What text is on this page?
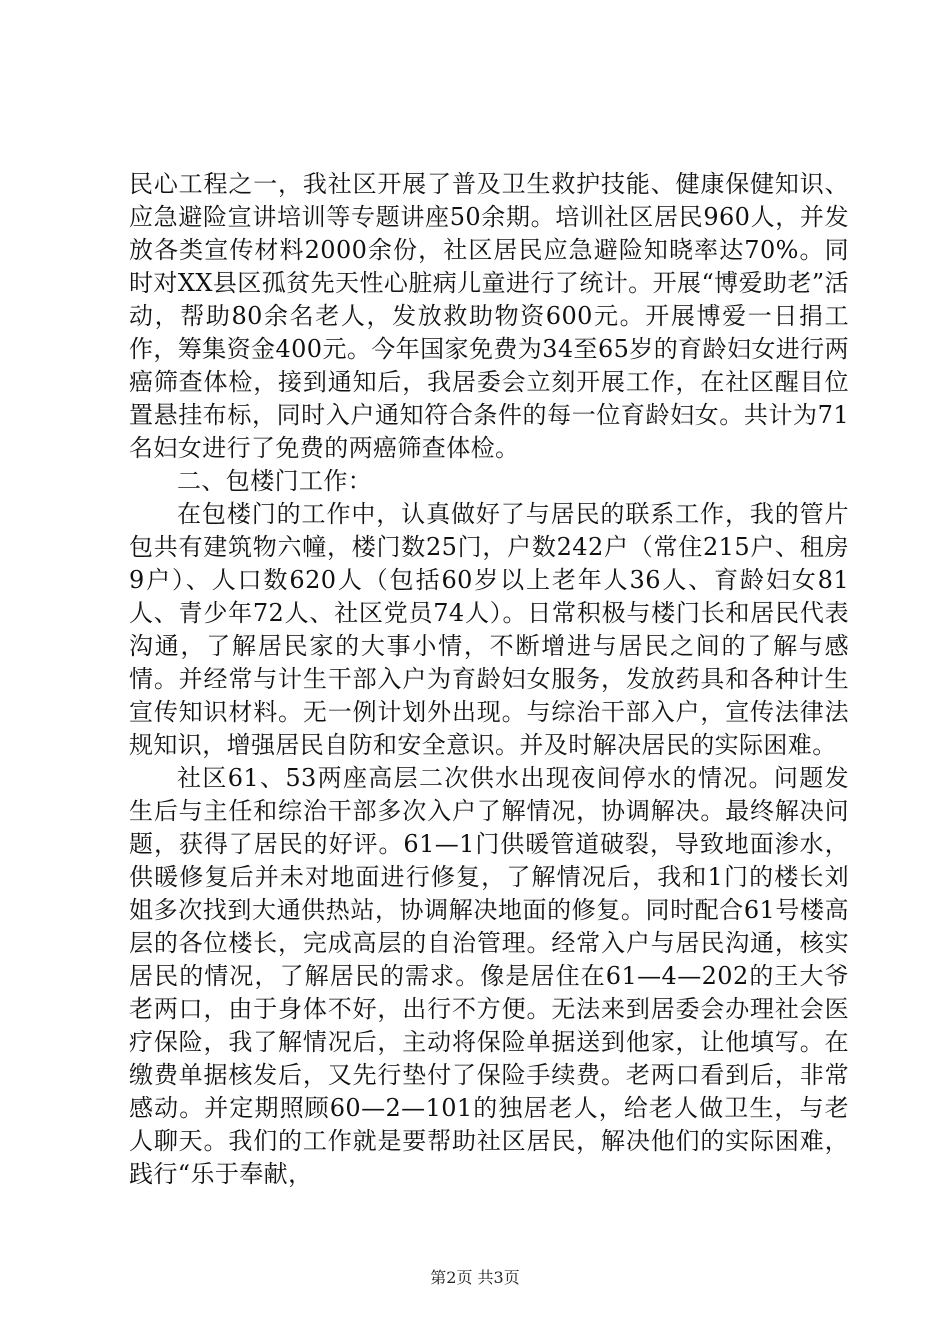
民心工程之一，我社区开展了普及卫生救护技能、健康保健知识、应急避险宣讲培训等专题讲座50余期。培训社区居民960人，并发放各类宣传材料2000余份，社区居民应急避险知晓率达70%。同时对XX县区孤贫先天性心脏病儿童进行了统计。开展“博爱助老”活动，帮助80余名老人，发放救助物资600元。开展博爱一日捐工作，筹集资金400元。今年国家免费为34至65岁的育龄妇女进行两癌筛查体检，接到通知后，我居委会立刻开展工作，在社区醒目位置悬挂布标，同时入户通知符合条件的每一位育龄妇女。共计为71名妇女进行了免费的两癌筛查体检。

二、包楼门工作：

在包楼门的工作中，认真做好了与居民的联系工作，我的管片包共有建筑物六幢，楼门数25门，户数242户（常住215户、租房9户）、人口数620人（包括60岁以上老年人36人、育龄妇女81人、青少年72人、社区党员74人）。日常积极与楼门长和居民代表沟通，了解居民家的大事小情，不断增进与居民之间的了解与感情。并经常与计生干部入户为育龄妇女服务，发放药具和各种计生宣传知识材料。无一例计划外出现。与综治干部入户，宣传法律法规知识，增强居民自防和安全意识。并及时解决居民的实际困难。

社区61、53两座高层二次供水出现夜间停水的情况。问题发生后与主任和综治干部多次入户了解情况，协调解决。最终解决问题，获得了居民的好评。61—1门供暖管道破裂，导致地面渗水，供暖修复后并未对地面进行修复，了解情况后，我和1门的楼长刘姐多次找到大通供热站，协调解决地面的修复。同时配合61号楼高层的各位楼长，完成高层的自治管理。经常入户与居民沟通，核实居民的情况，了解居民的需求。像是居住在61—4—202的王大爷老两口，由于身体不好，出行不方便。无法来到居委会办理社会医疗保险，我了解情况后，主动将保险单据送到他家，让他填写。在缴费单据核发后，又先行垫付了保险手续费。老两口看到后，非常感动。并定期照顾60—2—101的独居老人，给老人做卫生，与老人聊天。我们的工作就是要帮助社区居民，解决他们的实际困难，践行“乐于奉献，

第2页 共3页
